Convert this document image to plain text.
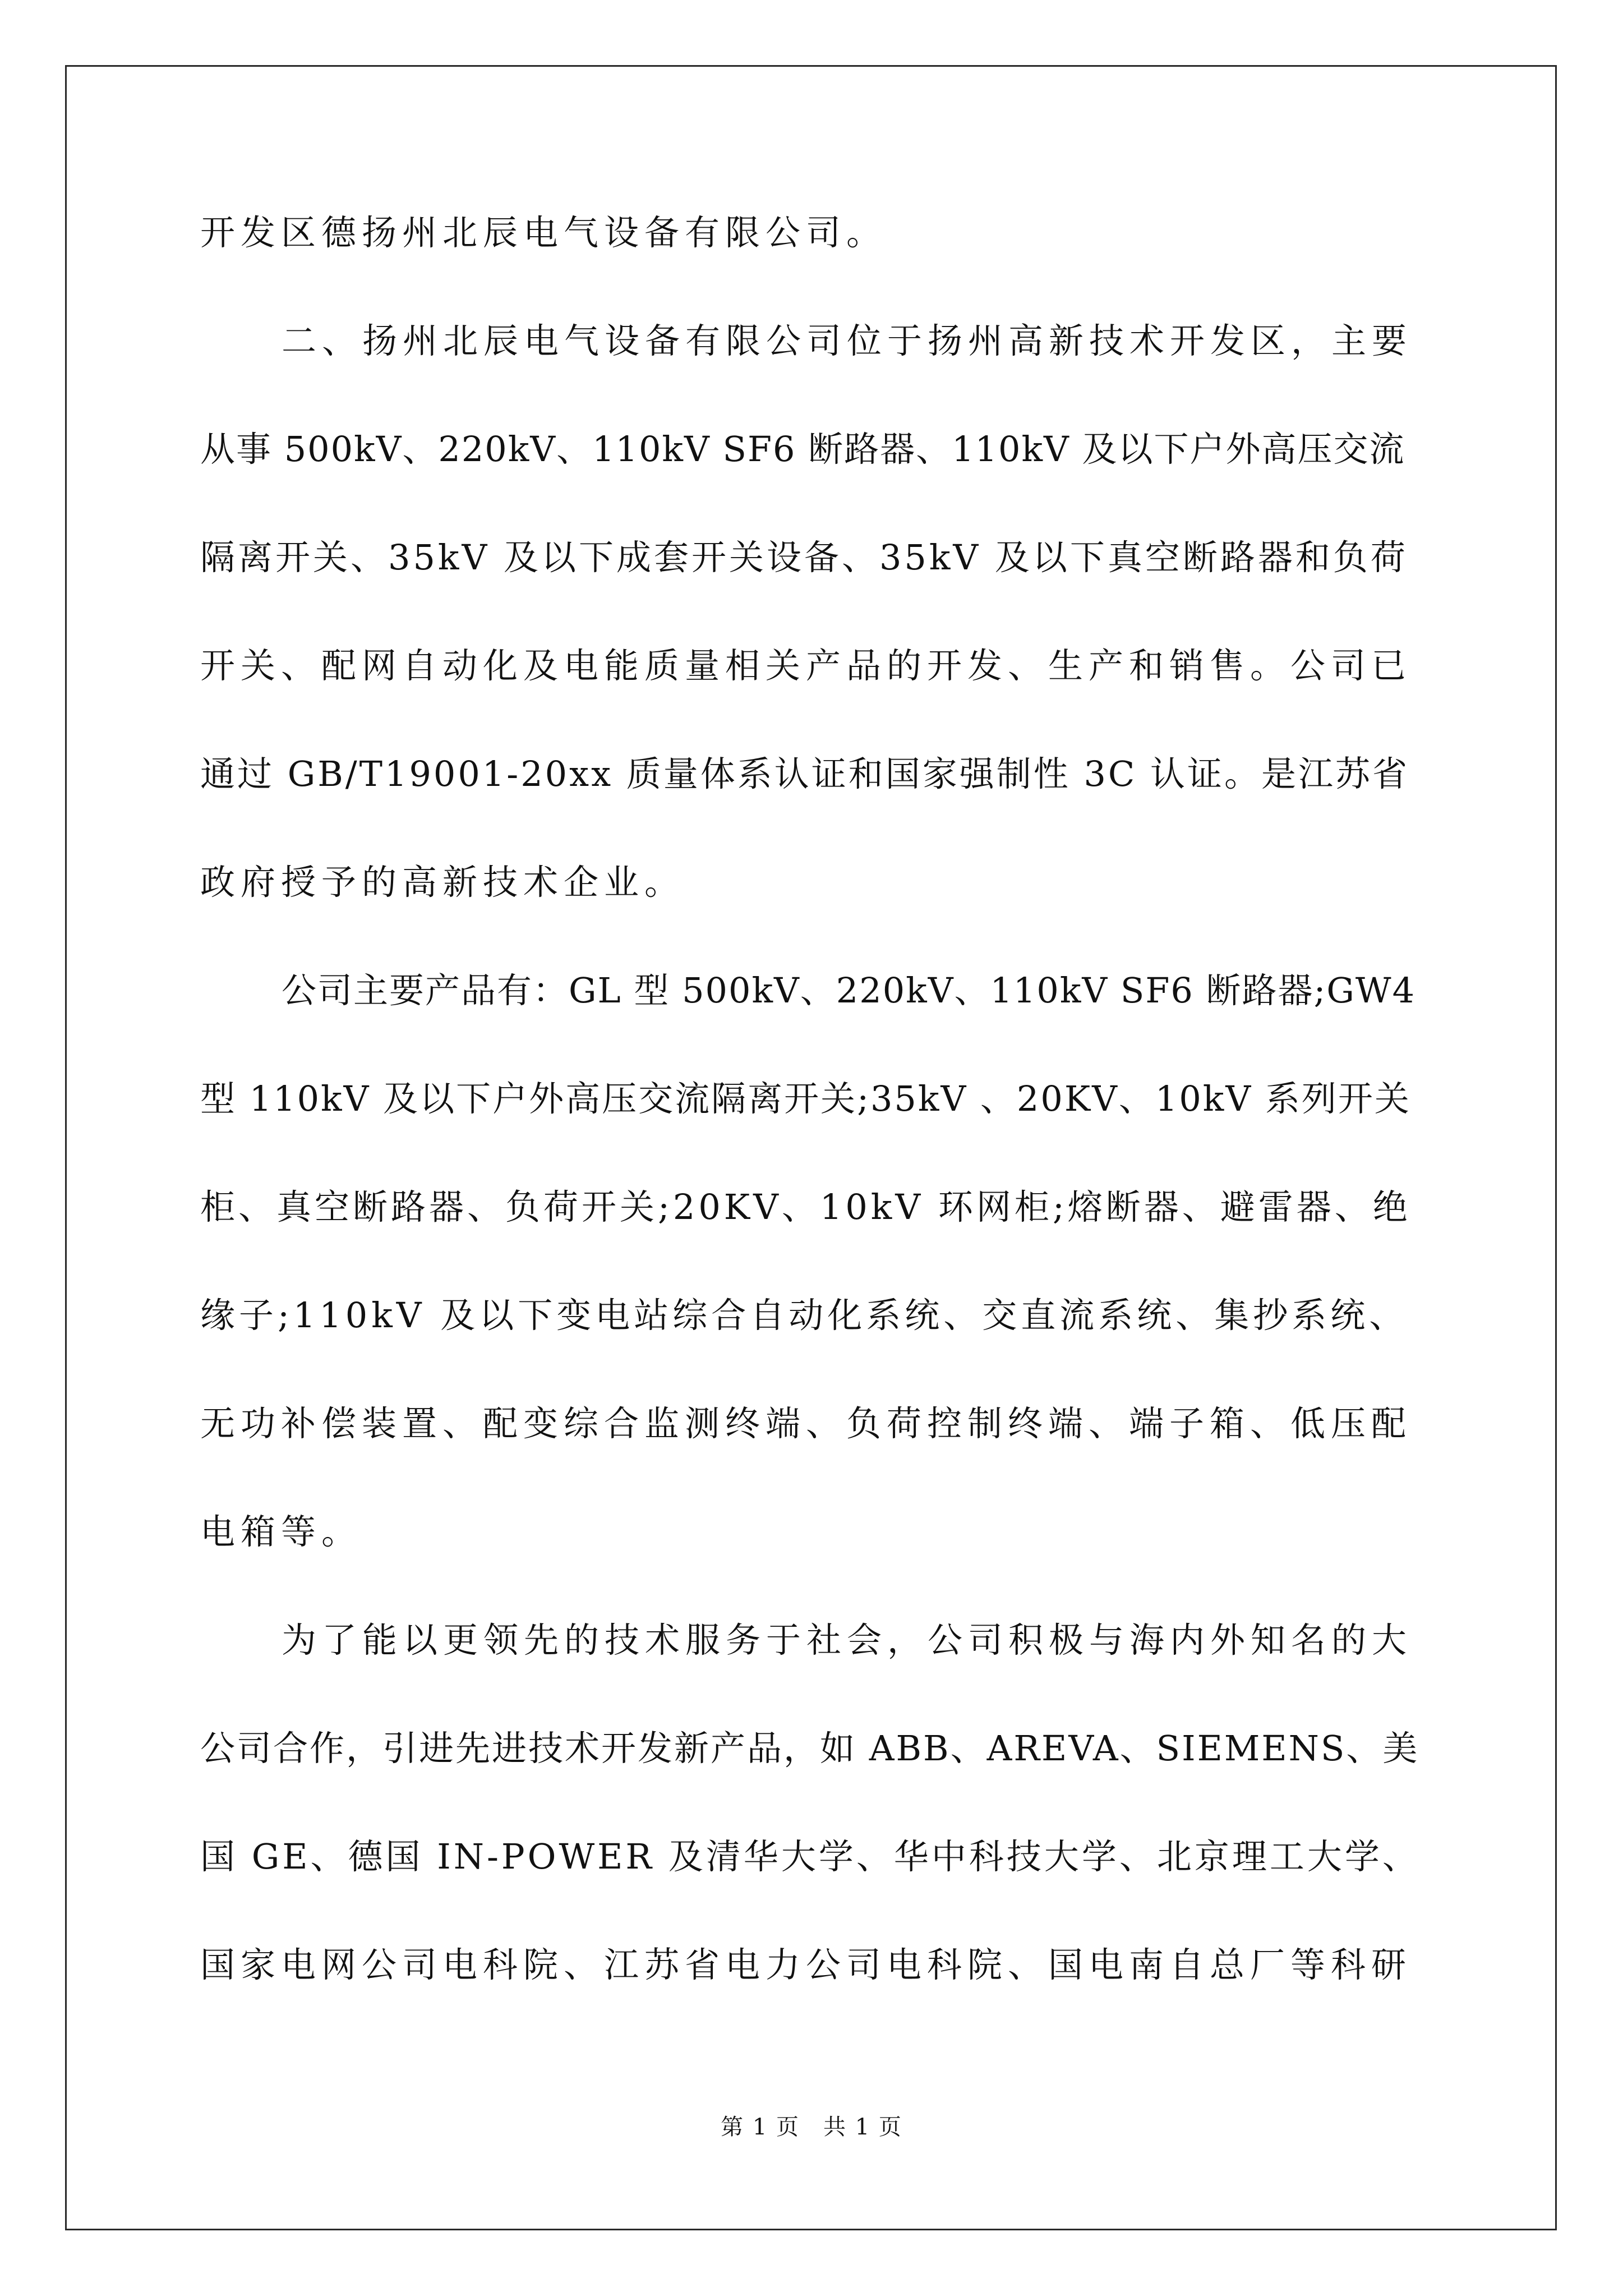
开发区德扬州北辰电气设备有限公司。

二、扬州北辰电气设备有限公司位于扬州高新技术开发区，主要

从事 500kV、220kV、110kV SF6 断路器、110kV 及以下户外高压交流

隔离开关、35kV 及以下成套开关设备、35kV 及以下真空断路器和负荷

开关、配网自动化及电能质量相关产品的开发、生产和销售。公司已

通过 GB/T19001-20xx 质量体系认证和国家强制性 3C 认证。是江苏省

政府授予的高新技术企业。

公司主要产品有：GL 型 500kV、220kV、110kV SF6 断路器;GW4

型 110kV 及以下户外高压交流隔离开关;35kV 、20KV、10kV 系列开关

柜、真空断路器、负荷开关;20KV、10kV 环网柜;熔断器、避雷器、绝

缘子;110kV 及以下变电站综合自动化系统、交直流系统、集抄系统、

无功补偿装置、配变综合监测终端、负荷控制终端、端子箱、低压配

电箱等。

为了能以更领先的技术服务于社会，公司积极与海内外知名的大

公司合作，引进先进技术开发新产品，如 ABB、AREVA、SIEMENS、美

国 GE、德国 IN-POWER 及清华大学、华中科技大学、北京理工大学、

国家电网公司电科院、江苏省电力公司电科院、国电南自总厂等科研

第 1 页　共 1 页
